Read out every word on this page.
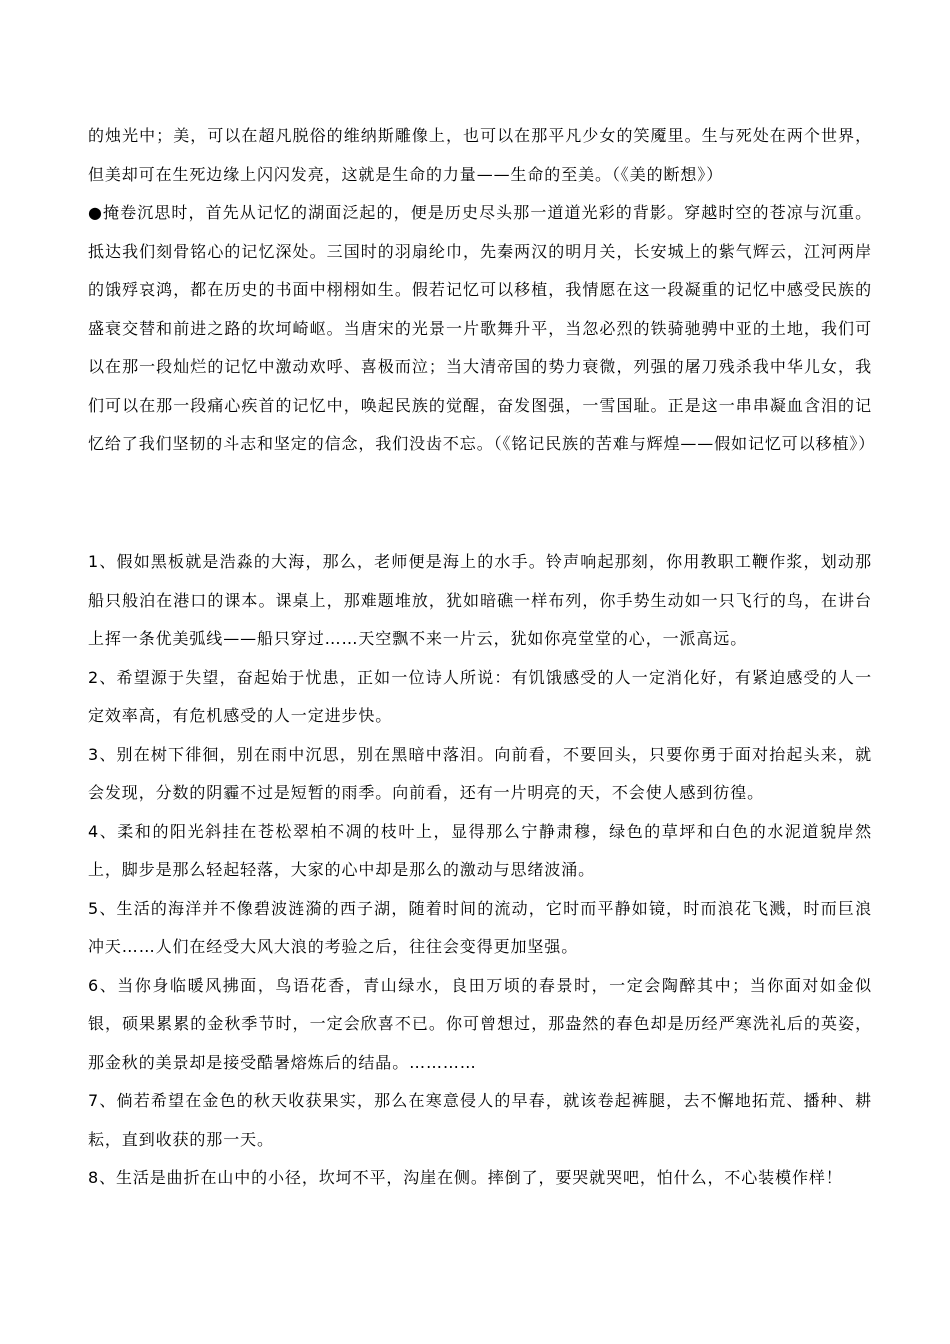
的烛光中；美，可以在超凡脱俗的维纳斯雕像上，也可以在那平凡少女的笑魇里。生与死处在两个世界，但美却可在生死边缘上闪闪发亮，这就是生命的力量——生命的至美。（《美的断想》）

●掩卷沉思时，首先从记忆的湖面泛起的，便是历史尽头那一道道光彩的背影。穿越时空的苍凉与沉重。抵达我们刻骨铭心的记忆深处。三国时的羽扇纶巾，先秦两汉的明月关，长安城上的紫气辉云，江河两岸的饿殍哀鸿，都在历史的书面中栩栩如生。假若记忆可以移植，我情愿在这一段凝重的记忆中感受民族的盛衰交替和前进之路的坎坷崎岖。当唐宋的光景一片歌舞升平，当忽必烈的铁骑驰骋中亚的土地，我们可以在那一段灿烂的记忆中激动欢呼、喜极而泣；当大清帝国的势力衰微，列强的屠刀残杀我中华儿女，我们可以在那一段痛心疾首的记忆中，唤起民族的觉醒，奋发图强，一雪国耻。正是这一串串凝血含泪的记忆给了我们坚韧的斗志和坚定的信念，我们没齿不忘。（《铭记民族的苦难与辉煌——假如记忆可以移植》）

1、假如黑板就是浩淼的大海，那么，老师便是海上的水手。铃声响起那刻，你用教职工鞭作浆，划动那船只般泊在港口的课本。课桌上，那难题堆放，犹如暗礁一样布列，你手势生动如一只飞行的鸟，在讲台上挥一条优美弧线——船只穿过……天空飘不来一片云，犹如你亮堂堂的心，一派高远。

2、希望源于失望，奋起始于忧患，正如一位诗人所说：有饥饿感受的人一定消化好，有紧迫感受的人一定效率高，有危机感受的人一定进步快。

3、别在树下徘徊，别在雨中沉思，别在黑暗中落泪。向前看，不要回头，只要你勇于面对抬起头来，就会发现，分数的阴霾不过是短暂的雨季。向前看，还有一片明亮的天，不会使人感到彷徨。

4、柔和的阳光斜挂在苍松翠柏不凋的枝叶上，显得那么宁静肃穆，绿色的草坪和白色的水泥道貌岸然上，脚步是那么轻起轻落，大家的心中却是那么的激动与思绪波涌。

5、生活的海洋并不像碧波涟漪的西子湖，随着时间的流动，它时而平静如镜，时而浪花飞溅，时而巨浪冲天……人们在经受大风大浪的考验之后，往往会变得更加坚强。

6、当你身临暖风拂面，鸟语花香，青山绿水，良田万顷的春景时，一定会陶醉其中；当你面对如金似银，硕果累累的金秋季节时，一定会欣喜不已。你可曾想过，那盎然的春色却是历经严寒洗礼后的英姿，那金秋的美景却是接受酷暑熔炼后的结晶。…………

7、倘若希望在金色的秋天收获果实，那么在寒意侵人的早春，就该卷起裤腿，去不懈地拓荒、播种、耕耘，直到收获的那一天。

8、生活是曲折在山中的小径，坎坷不平，沟崖在侧。摔倒了，要哭就哭吧，怕什么，不心装模作样！
